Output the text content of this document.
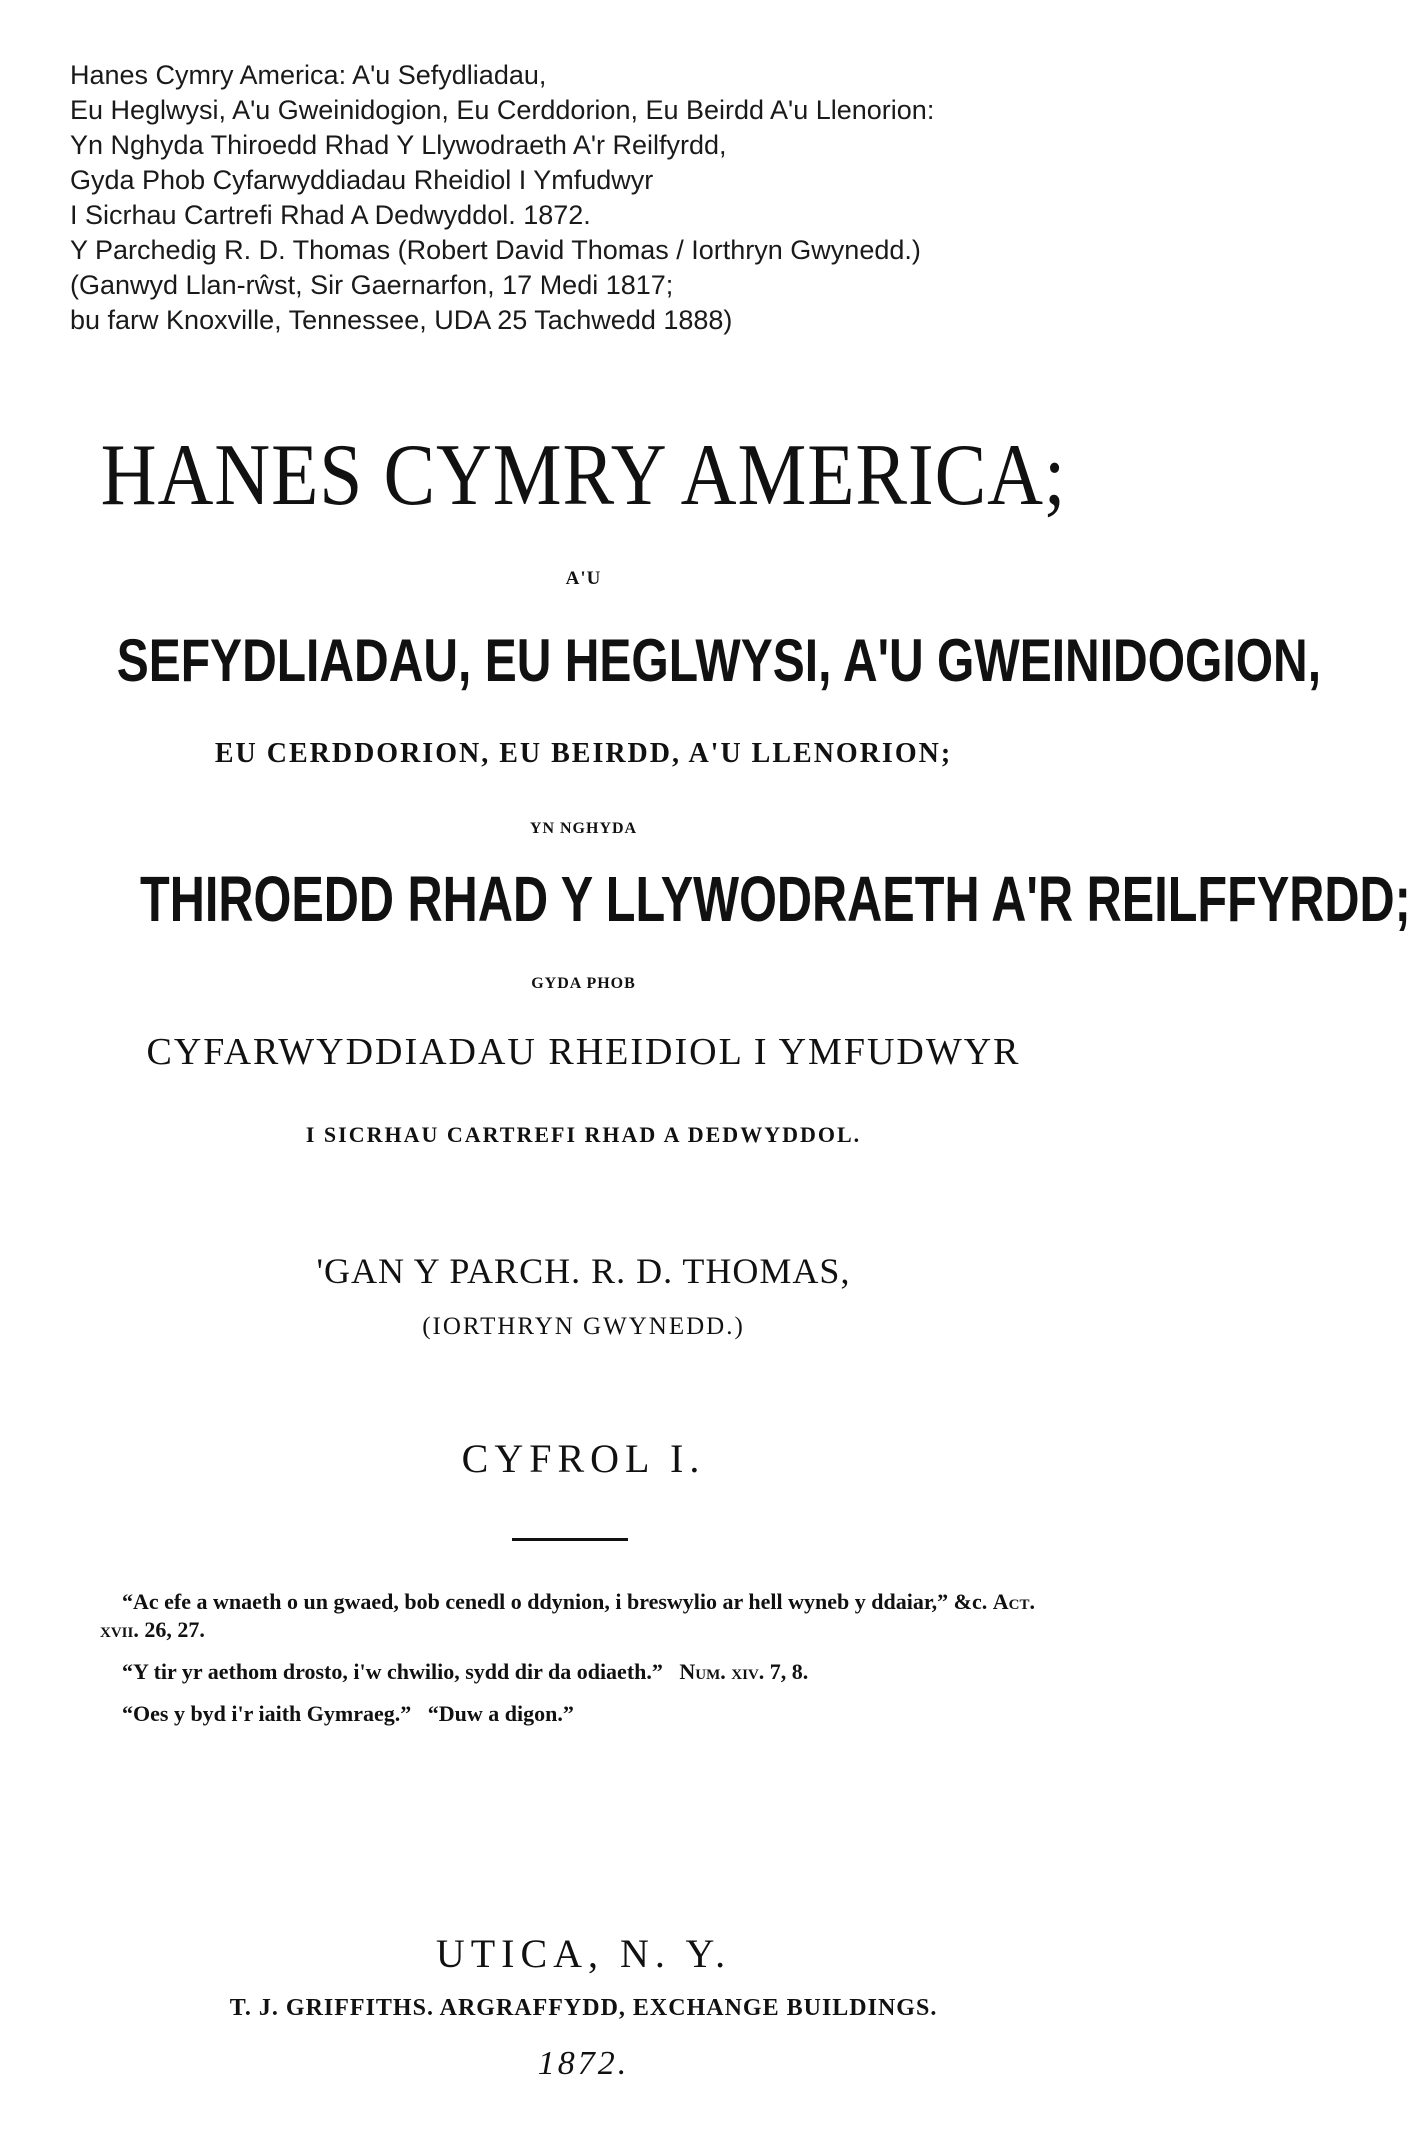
Hanes Cymry America: A'u Sefydliadau,
Eu Heglwysi, A'u Gweinidogion, Eu Cerddorion, Eu Beirdd A'u Llenorion:
Yn Nghyda Thiroedd Rhad Y Llywodraeth A'r Reilfyrdd,
Gyda Phob Cyfarwyddiadau Rheidiol I Ymfudwyr
I Sicrhau Cartrefi Rhad A Dedwyddol. 1872.
Y Parchedig R. D. Thomas (Robert David Thomas / Iorthryn Gwynedd.)
(Ganwyd Llan-rŵst, Sir Gaernarfon, 17 Medi 1817;
bu farw Knoxville, Tennessee, UDA 25 Tachwedd 1888)
HANES CYMRY AMERICA;
A'U
SEFYDLIADAU, EU HEGLWYSI, A'U GWEINIDOGION,
EU CERDDORION, EU BEIRDD, A'U LLENORION;
YN NGHYDA
THIROEDD RHAD Y LLYWODRAETH A'R REILFFYRDD;
GYDA PHOB
CYFARWYDDIADAU RHEIDIOL I YMFUDWYR
I SICRHAU CARTREFI RHAD A DEDWYDDOL.
'GAN Y PARCH. R. D. THOMAS,
(IORTHRYN GWYNEDD.)
CYFROL I.

“Ac efe a wnaeth o un gwaed, bob cenedl o ddynion, i breswylio ar hell wyneb y ddaiar,” &c. Act. xvii. 26, 27.

“Y tir yr aethom drosto, i'w chwilio, sydd dir da odiaeth.” Num. xiv. 7, 8.

“Oes y byd i'r iaith Gymraeg.” “Duw a digon.”

UTICA, N. Y.
T. J. GRIFFITHS. ARGRAFFYDD, EXCHANGE BUILDINGS.
1872.
